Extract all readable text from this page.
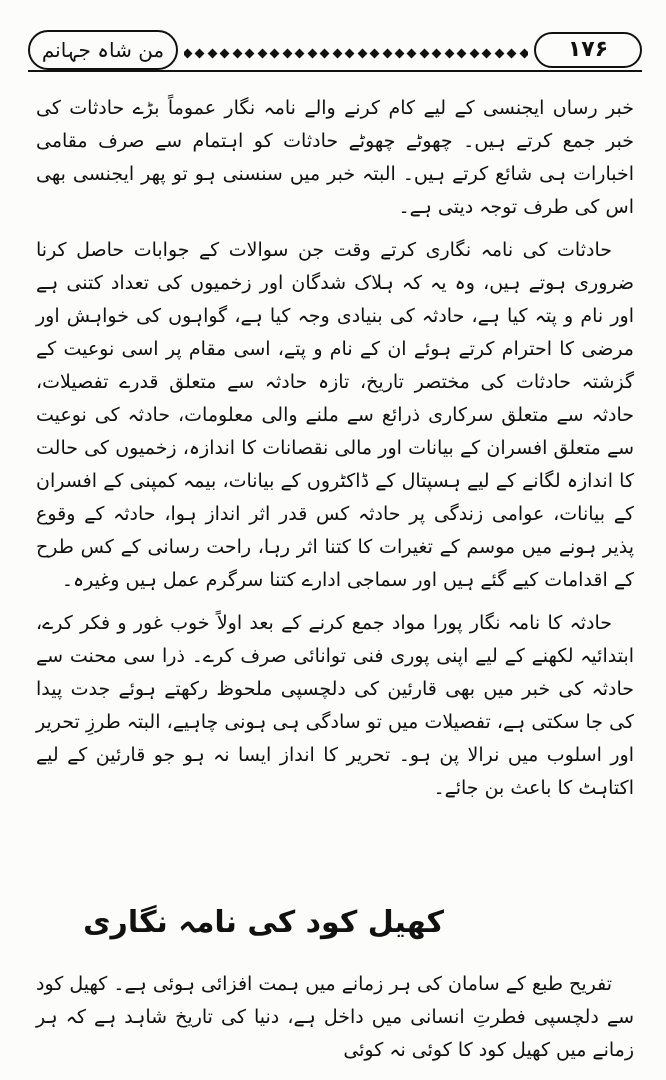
من شاہ جہانم	۱۷۶

خبر رساں ایجنسی کے لیے کام کرنے والے نامہ نگار عموماً بڑے حادثات کی خبر جمع کرتے ہیں۔ چھوٹے چھوٹے حادثات کو اہتمام سے صرف مقامی اخبارات ہی شائع کرتے ہیں۔ البتہ خبر میں سنسنی ہو تو پھر ایجنسی بھی اس کی طرف توجہ دیتی ہے۔

حادثات کی نامہ نگاری کرتے وقت جن سوالات کے جوابات حاصل کرنا ضروری ہوتے ہیں، وہ یہ کہ ہلاک شدگان اور زخمیوں کی تعداد کتنی ہے اور نام و پتہ کیا ہے، حادثہ کی بنیادی وجہ کیا ہے، گواہوں کی خواہش اور مرضی کا احترام کرتے ہوئے ان کے نام و پتے، اسی مقام پر اسی نوعیت کے گزشتہ حادثات کی مختصر تاریخ، تازہ حادثہ سے متعلق قدرے تفصیلات، حادثہ سے متعلق سرکاری ذرائع سے ملنے والی معلومات، حادثہ کی نوعیت سے متعلق افسران کے بیانات اور مالی نقصانات کا اندازہ، زخمیوں کی حالت کا اندازہ لگانے کے لیے ہسپتال کے ڈاکٹروں کے بیانات، بیمہ کمپنی کے افسران کے بیانات، عوامی زندگی پر حادثہ کس قدر اثر انداز ہوا، حادثہ کے وقوع پذیر ہونے میں موسم کے تغیرات کا کتنا اثر رہا، راحت رسانی کے کس طرح کے اقدامات کیے گئے ہیں اور سماجی ادارے کتنا سرگرم عمل ہیں وغیرہ۔

حادثہ کا نامہ نگار پورا مواد جمع کرنے کے بعد اولاً خوب غور و فکر کرے، ابتدائیہ لکھنے کے لیے اپنی پوری فنی توانائی صرف کرے۔ ذرا سی محنت سے حادثہ کی خبر میں بھی قارئین کی دلچسپی ملحوظ رکھتے ہوئے جدت پیدا کی جا سکتی ہے، تفصیلات میں تو سادگی ہی ہونی چاہیے، البتہ طرزِ تحریر اور اسلوب میں نرالا پن ہو۔ تحریر کا انداز ایسا نہ ہو جو قارئین کے لیے اکتاہٹ کا باعث بن جائے۔

کھیل کود کی نامہ نگاری

تفریح طبع کے سامان کی ہر زمانے میں ہمت افزائی ہوئی ہے۔ کھیل کود سے دلچسپی فطرتِ انسانی میں داخل ہے، دنیا کی تاریخ شاہد ہے کہ ہر زمانے میں کھیل کود کا کوئی نہ کوئی
